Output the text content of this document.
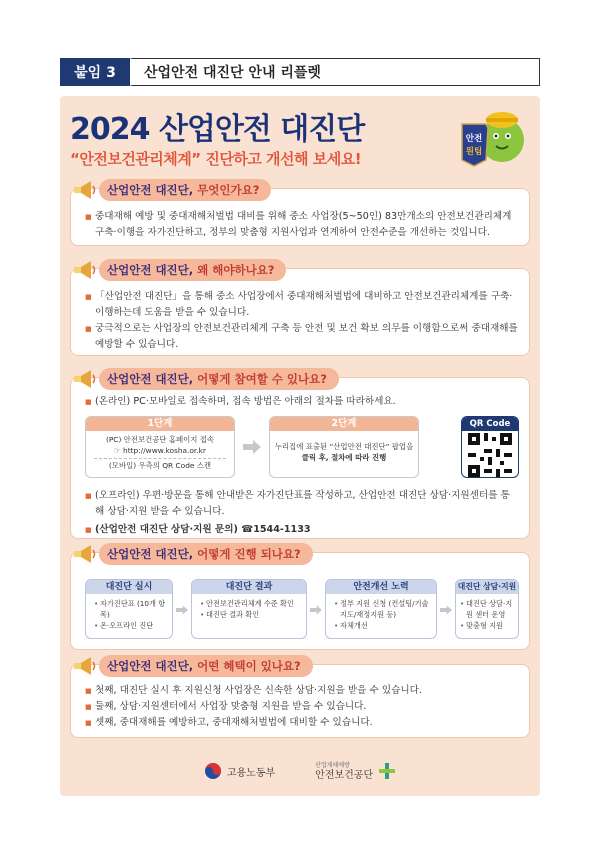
붙임 3	산업안전 대진단 안내 리플렛
2024 산업안전 대진단
“안전보건관리체계” 진단하고 개선해 보세요!
안전
원팀
산업안전 대진단, 무엇인가요?
■ 중대재해 예방 및 중대재해처벌법 대비를 위해 중소 사업장(5~50인) 83만개소의 안전보건관리체계 구축·이행을 자가진단하고, 정부의 맞춤형 지원사업과 연계하여 안전수준을 개선하는 것입니다.
산업안전 대진단, 왜 해야하나요?
■ 「산업안전 대진단」을 통해 중소 사업장에서 중대재해처벌법에 대비하고 안전보건관리체계를 구축·이행하는데 도움을 받을 수 있습니다.
■ 궁극적으로는 사업장의 안전보건관리체계 구축 등 안전 및 보건 확보 의무를 이행함으로써 중대재해를 예방할 수 있습니다.
산업안전 대진단, 어떻게 참여할 수 있나요?
■ (온라인) PC·모바일로 접속하며, 접속 방법은 아래의 절차를 따라하세요.
1단계
(PC) 안전보건공단 홈페이지 접속
☞ http://www.kosha.or.kr
(모바일) 우측의 QR Code 스캔
2단계
누리집에 표출된 “산업안전 대진단” 팝업을
클릭 후, 절차에 따라 진행
QR Code
■ (오프라인) 우편·방문을 통해 안내받은 자가진단표를 작성하고, 산업안전 대진단 상담·지원센터를 통해 상담·지원 받을 수 있습니다.
■ (산업안전 대진단 상담·지원 문의) ☎1544-1133
산업안전 대진단, 어떻게 진행 되나요?
대진단 실시
• 자가진단표 (10개 항목)
• 온·오프라인 진단
대진단 결과
• 안전보건관리체계 수준 확인
• 대진단 결과 확인
안전개선 노력
• 정부 지원 신청 (컨설팅/기술지도/재정지원 등)
• 자체개선
대진단 상담·지원
• 대진단 상담·지원 센터 운영
• 맞춤형 지원
산업안전 대진단, 어떤 혜택이 있나요?
■ 첫째, 대진단 실시 후 지원신청 사업장은 신속한 상담·지원을 받을 수 있습니다.
■ 둘째, 상담·지원센터에서 사업장 맞춤형 지원을 받을 수 있습니다.
■ 셋째, 중대재해를 예방하고, 중대재해처벌법에 대비할 수 있습니다.
고용노동부
산업재해예방
안전보건공단
